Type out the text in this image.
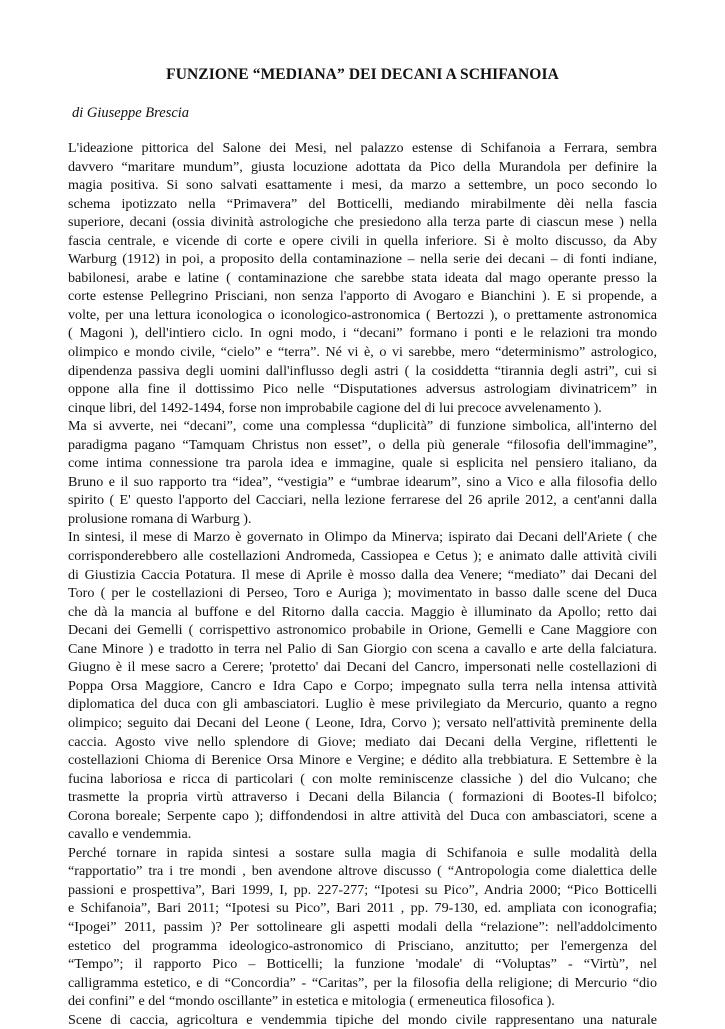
FUNZIONE “MEDIANA” DEI DECANI A SCHIFANOIA
di Giuseppe Brescia
L'ideazione pittorica del Salone dei Mesi, nel palazzo estense di Schifanoia a Ferrara, sembra
davvero “maritare mundum”, giusta locuzione adottata da Pico della Murandola per definire la
magia positiva. Si sono salvati esattamente i mesi, da marzo a settembre, un poco secondo lo
schema ipotizzato nella “Primavera” del Botticelli, mediando mirabilmente dèi nella fascia
superiore, decani (ossia divinità astrologiche che presiedono alla terza parte di ciascun mese ) nella
fascia centrale, e vicende di corte e opere civili in quella inferiore. Si è molto discusso, da Aby
Warburg (1912) in poi, a proposito della contaminazione – nella serie dei decani – di fonti indiane,
babilonesi, arabe e latine ( contaminazione che sarebbe stata ideata dal mago operante presso la
corte estense Pellegrino Prisciani, non senza l'apporto di Avogaro e Bianchini ). E si propende, a
volte, per una lettura iconologica o iconologico-astronomica ( Bertozzi ), o prettamente astronomica
( Magoni ), dell'intiero ciclo. In ogni modo, i “decani” formano i ponti e le relazioni tra mondo
olimpico e mondo civile, “cielo” e “terra”. Né vi è, o vi sarebbe, mero “determinismo” astrologico,
dipendenza passiva degli uomini dall'influsso degli astri ( la cosiddetta “tirannia degli astri”, cui si
oppone alla fine il dottissimo Pico nelle “Disputationes adversus astrologiam divinatricem” in
cinque libri, del 1492-1494, forse non improbabile cagione del di lui precoce avvelenamento ).
Ma si avverte, nei “decani”, come una complessa “duplicità” di funzione simbolica, all'interno del
paradigma pagano “Tamquam Christus non esset”, o della più generale “filosofia dell'immagine”,
come intima connessione tra parola idea e immagine, quale si esplicita nel pensiero italiano, da
Bruno e il suo rapporto tra “idea”, “vestigia” e “umbrae idearum”, sino a Vico e alla filosofia dello
spirito ( E' questo l'apporto del Cacciari, nella lezione ferrarese del 26 aprile 2012, a cent'anni dalla
prolusione romana di Warburg ).
In sintesi, il mese di Marzo è governato in Olimpo da Minerva; ispirato dai Decani dell'Ariete ( che
corrisponderebbero alle costellazioni Andromeda, Cassiopea e Cetus ); e animato dalle attività civili
di Giustizia Caccia Potatura. Il mese di Aprile è mosso dalla dea Venere; “mediato” dai Decani del
Toro ( per le costellazioni di Perseo, Toro e Auriga ); movimentato in basso dalle scene del Duca
che dà la mancia al buffone e del Ritorno dalla caccia. Maggio è illuminato da Apollo; retto dai
Decani dei Gemelli ( corrispettivo astronomico probabile in Orione, Gemelli e Cane Maggiore con
Cane Minore ) e tradotto in terra nel Palio di San Giorgio con scena a cavallo e arte della falciatura.
Giugno è il mese sacro a Cerere; 'protetto' dai Decani del Cancro, impersonati nelle costellazioni di
Poppa Orsa Maggiore, Cancro e Idra Capo e Corpo; impegnato sulla terra nella intensa attività
diplomatica del duca con gli ambasciatori. Luglio è mese privilegiato da Mercurio, quanto a regno
olimpico; seguito dai Decani del Leone ( Leone, Idra, Corvo ); versato nell'attività preminente della
caccia. Agosto vive nello splendore di Giove; mediato dai Decani della Vergine, riflettenti le
costellazioni Chioma di Berenice Orsa Minore e Vergine; e dédito alla trebbiatura. E Settembre è la
fucina laboriosa e ricca di particolari ( con molte reminiscenze classiche ) del dio Vulcano; che
trasmette la propria virtù attraverso i Decani della Bilancia ( formazioni di Bootes-Il bifolco;
Corona boreale; Serpente capo ); diffondendosi in altre attività del Duca con ambasciatori, scene a
cavallo e vendemmia.
Perché tornare in rapida sintesi a sostare sulla magia di Schifanoia e sulle modalità della
“rapportatio” tra i tre mondi , ben avendone altrove discusso ( “Antropologia come dialettica delle
passioni e prospettiva”, Bari 1999, I, pp. 227-277; “Ipotesi su Pico”, Andria 2000; “Pico Botticelli
e Schifanoia”, Bari 2011; “Ipotesi su Pico”, Bari 2011 , pp. 79-130, ed. ampliata con iconografia;
“Ipogei” 2011, passim )? Per sottolineare gli aspetti modali della “relazione”: nell'addolcimento
estetico del programma ideologico-astronomico di Prisciano, anzitutto; per l'emergenza del
“Tempo”; il rapporto Pico – Botticelli; la funzione 'modale' di “Voluptas” - “Virtù”, nel
calligramma estetico, e di “Concordia” - “Caritas”, per la filosofia della religione; di Mercurio “dio
dei confini” e del “mondo oscillante” in estetica e mitologia ( ermeneutica filosofica ).
Scene di caccia, agricoltura e vendemmia tipiche del mondo civile rappresentano una naturale
